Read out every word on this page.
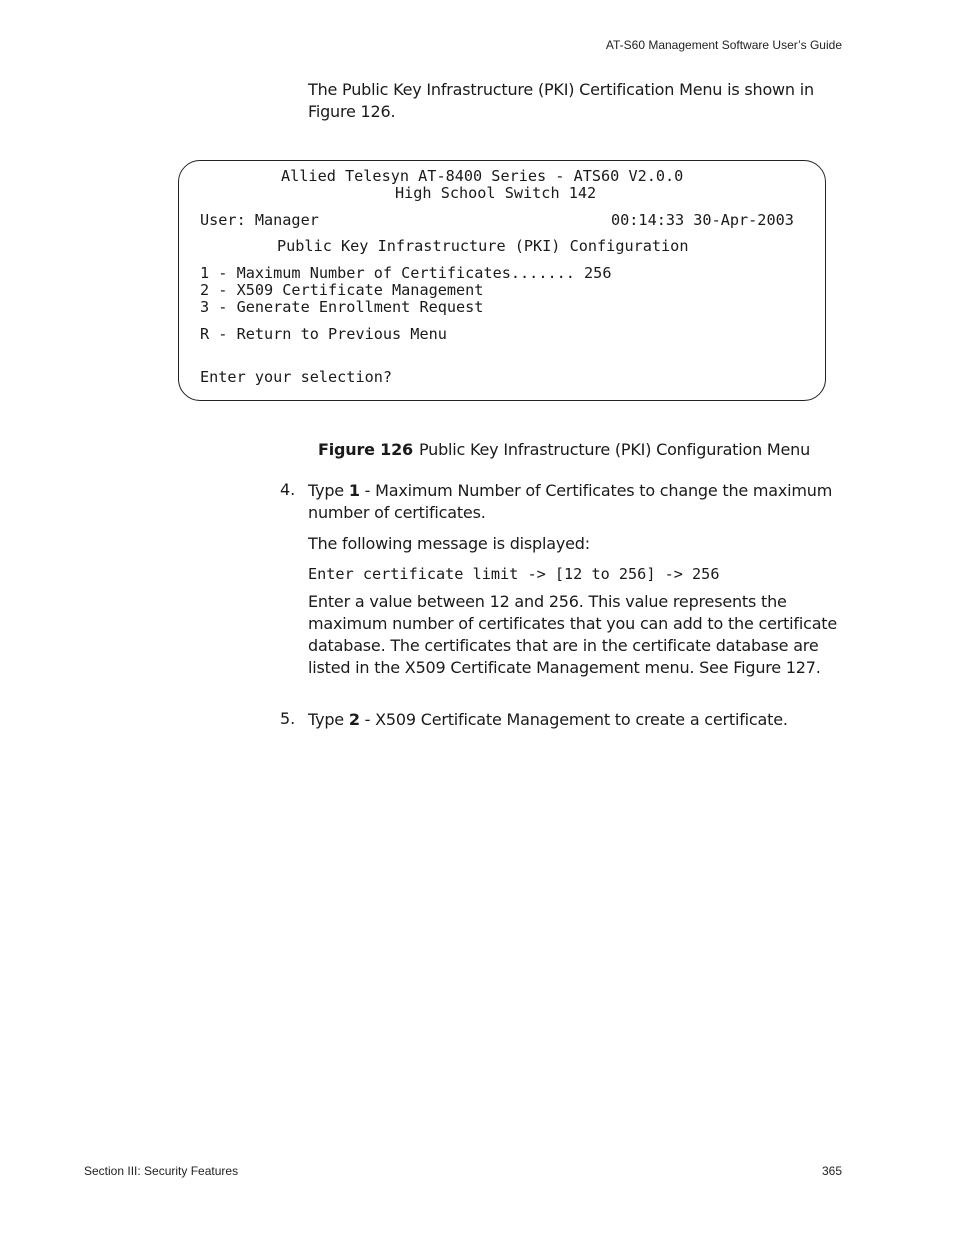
AT-S60 Management Software User’s Guide
The Public Key Infrastructure (PKI) Certification Menu is shown in Figure 126.
Allied Telesyn AT-8400 Series - ATS60 V2.0.0
High School Switch 142
User: Manager	00:14:33 30-Apr-2003
Public Key Infrastructure (PKI) Configuration
1 - Maximum Number of Certificates....... 256
2 - X509 Certificate Management
3 - Generate Enrollment Request
R - Return to Previous Menu
Enter your selection?
Figure 126 Public Key Infrastructure (PKI) Configuration Menu
4. Type 1 - Maximum Number of Certificates to change the maximum number of certificates.
The following message is displayed:
Enter certificate limit -> [12 to 256] -> 256
Enter a value between 12 and 256. This value represents the maximum number of certificates that you can add to the certificate database. The certificates that are in the certificate database are listed in the X509 Certificate Management menu. See Figure 127.
5. Type 2 - X509 Certificate Management to create a certificate.
Section III: Security Features	365
